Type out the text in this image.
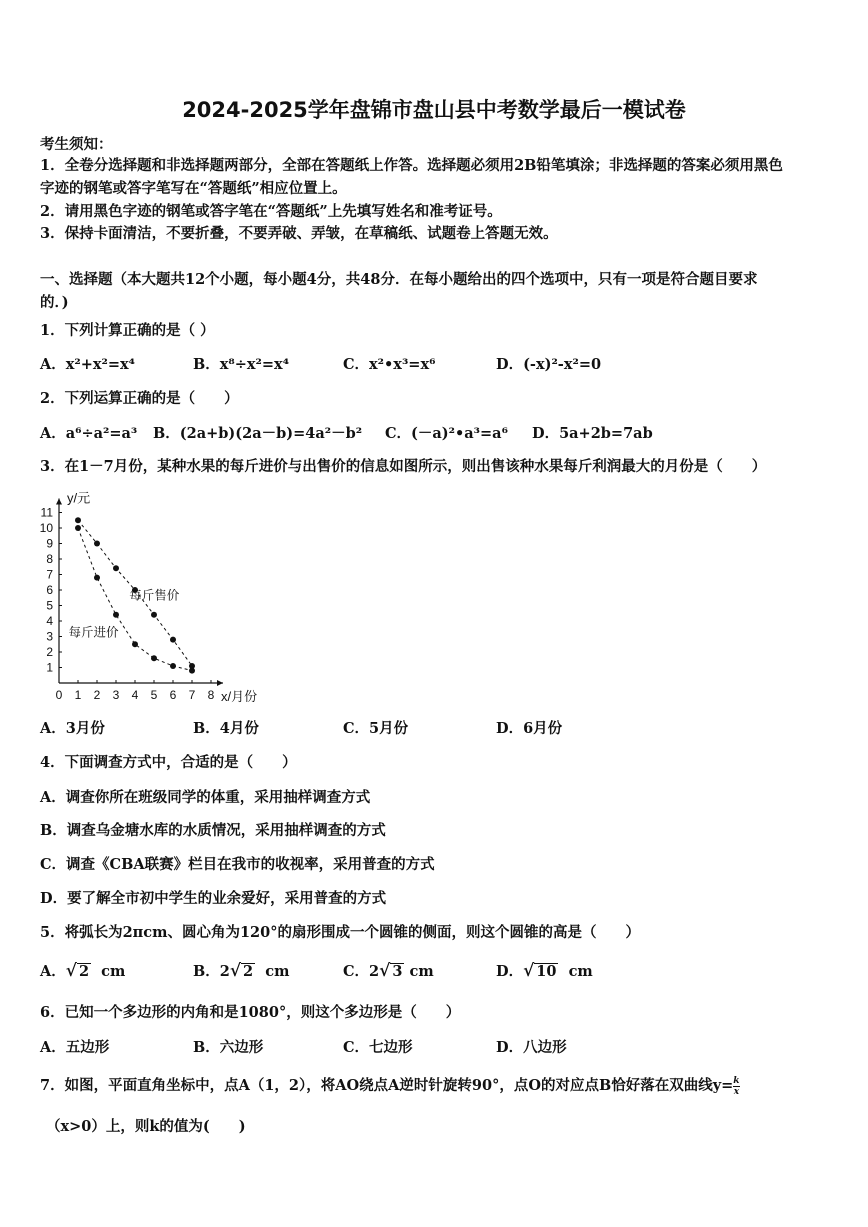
2024-2025学年盘锦市盘山县中考数学最后一模试卷
考生须知：
1．全卷分选择题和非选择题两部分，全部在答题纸上作答。选择题必须用2B铅笔填涂；非选择题的答案必须用黑色
字迹的钢笔或答字笔写在“答题纸”相应位置上。
2．请用黑色字迹的钢笔或答字笔在“答题纸”上先填写姓名和准考证号。
3．保持卡面清洁，不要折叠，不要弄破、弄皱，在草稿纸、试题卷上答题无效。
一、选择题（本大题共12个小题，每小题4分，共48分．在每小题给出的四个选项中，只有一项是符合题目要求
的．)
1．下列计算正确的是（ ）
A．x²+x²=x⁴	B．x⁸÷x²=x⁴	C．x²•x³=x⁶	D．(-x)²-x²=0
2．下列运算正确的是（　　）
A．a⁶÷a²=a³ B．(2a+b)(2a－b)=4a²－b² C．(－a)²•a³=a⁶ D．5a+2b=7ab
3．在1－7月份，某种水果的每斤进价与出售价的信息如图所示，则出售该种水果每斤利润最大的月份是（　　）
0 1 2 3 4 5 6 7 8
1
2
3
4
5
6
7
8
9
10
11
y/元
x/月份
每斤售价
每斤进价
A．3月份	B．4月份	C．5月份	D．6月份
4．下面调查方式中，合适的是（　　）
A．调查你所在班级同学的体重，采用抽样调查方式
B．调查乌金塘水库的水质情况，采用抽样调查的方式
C．调查《CBA联赛》栏目在我市的收视率，采用普查的方式
D．要了解全市初中学生的业余爱好，采用普查的方式
5．将弧长为2πcm、圆心角为120°的扇形围成一个圆锥的侧面，则这个圆锥的高是（　　）
A．√ 2 cm	B．2√ 2 cm	C．2√ 3 cm	D．√ 10 cm
6．已知一个多边形的内角和是1080°，则这个多边形是（　　）
A．五边形	B．六边形	C．七边形	D．八边形
7．如图，平面直角坐标中，点A（1，2），将AO绕点A逆时针旋转90°，点O的对应点B恰好落在双曲线$y= \frac{k}{x}$
（x>0）上，则k的值为(　　)
